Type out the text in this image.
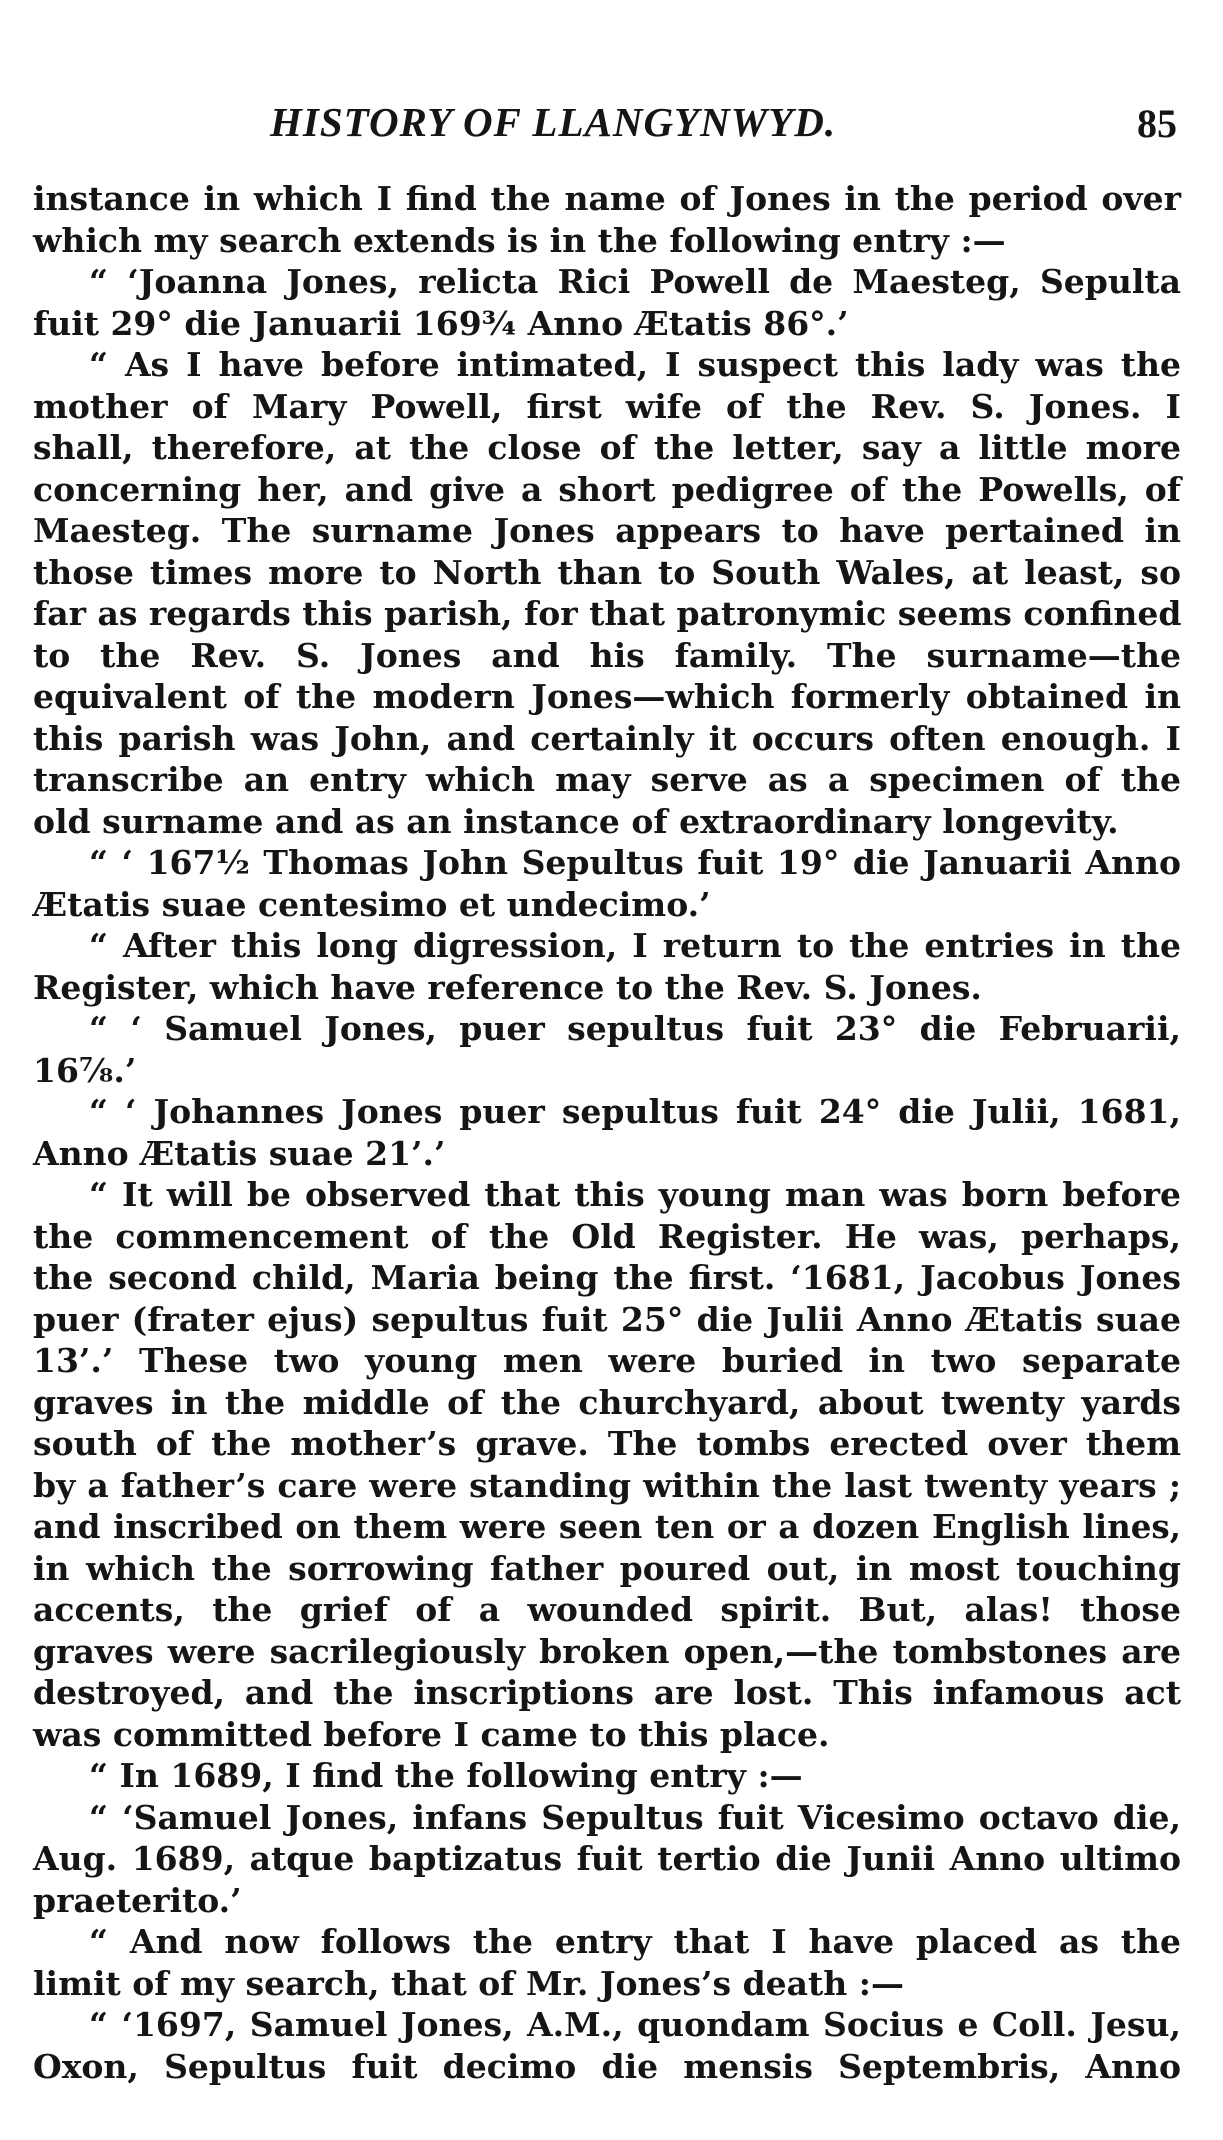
HISTORY OF LLANGYNWYD.	85
instance in which I find the name of Jones in the period over
which my search extends is in the following entry :—
“ ‘Joanna Jones, relicta Rici Powell de Maesteg, Sepulta
fuit 29° die Januarii 169¾ Anno Ætatis 86°.’
“ As I have before intimated, I suspect this lady was the
mother of Mary Powell, first wife of the Rev. S. Jones. I
shall, therefore, at the close of the letter, say a little more
concerning her, and give a short pedigree of the Powells, of
Maesteg. The surname Jones appears to have pertained in
those times more to North than to South Wales, at least, so
far as regards this parish, for that patronymic seems confined
to the Rev. S. Jones and his family. The surname—the
equivalent of the modern Jones—which formerly obtained in
this parish was John, and certainly it occurs often enough. I
transcribe an entry which may serve as a specimen of the
old surname and as an instance of extraordinary longevity.
“ ‘ 167½ Thomas John Sepultus fuit 19° die Januarii Anno
Ætatis suae centesimo et undecimo.’
“ After this long digression, I return to the entries in the
Register, which have reference to the Rev. S. Jones.
“ ‘ Samuel Jones, puer sepultus fuit 23° die Februarii,
16⁷⁄₈.’
“ ‘ Johannes Jones puer sepultus fuit 24° die Julii, 1681,
Anno Ætatis suae 21’.’
“ It will be observed that this young man was born before
the commencement of the Old Register. He was, perhaps,
the second child, Maria being the first. ‘1681, Jacobus Jones
puer (frater ejus) sepultus fuit 25° die Julii Anno Ætatis suae
13’.’ These two young men were buried in two separate
graves in the middle of the churchyard, about twenty yards
south of the mother’s grave. The tombs erected over them
by a father’s care were standing within the last twenty years ;
and inscribed on them were seen ten or a dozen English lines,
in which the sorrowing father poured out, in most touching
accents, the grief of a wounded spirit. But, alas! those
graves were sacrilegiously broken open,—the tombstones are
destroyed, and the inscriptions are lost. This infamous act
was committed before I came to this place.
“ In 1689, I find the following entry :—
“ ‘Samuel Jones, infans Sepultus fuit Vicesimo octavo die,
Aug. 1689, atque baptizatus fuit tertio die Junii Anno ultimo
praeterito.’
“ And now follows the entry that I have placed as the
limit of my search, that of Mr. Jones’s death :—
“ ‘1697, Samuel Jones, A.M., quondam Socius e Coll. Jesu,
Oxon, Sepultus fuit decimo die mensis Septembris, Anno
